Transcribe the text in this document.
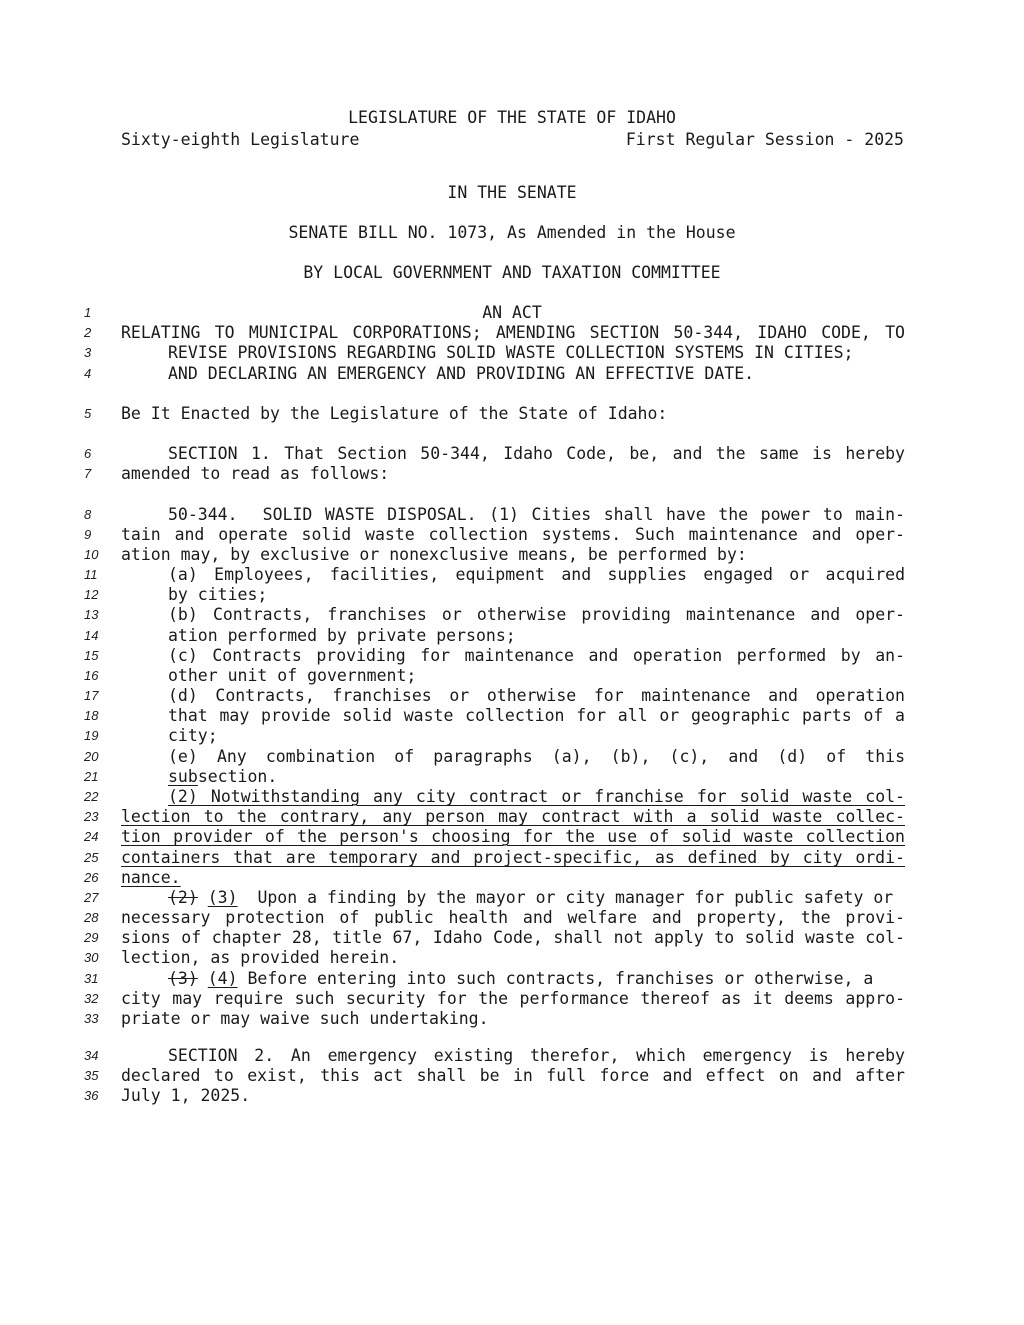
LEGISLATURE OF THE STATE OF IDAHO
Sixty-eighth Legislature	First Regular Session - 2025
IN THE SENATE
SENATE BILL NO. 1073, As Amended in the House
BY LOCAL GOVERNMENT AND TAXATION COMMITTEE
1
2
3
4
5
6
7
8
9
10
11
12
13
14
15
16
17
18
19
20
21
22
23
24
25
26
27
28
29
30
31
32
33
34
35
36
AN ACT
RELATING TO MUNICIPAL CORPORATIONS; AMENDING SECTION 50-344, IDAHO CODE, TO
REVISE PROVISIONS REGARDING SOLID WASTE COLLECTION SYSTEMS IN CITIES;
AND DECLARING AN EMERGENCY AND PROVIDING AN EFFECTIVE DATE.
Be It Enacted by the Legislature of the State of Idaho:
SECTION 1. That Section 50-344, Idaho Code, be, and the same is hereby
amended to read as follows:
50-344.  SOLID WASTE DISPOSAL. (1) Cities shall have the power to main-
tain and operate solid waste collection systems. Such maintenance and oper-
ation may, by exclusive or nonexclusive means, be performed by:
(a) Employees, facilities, equipment and supplies engaged or acquired
by cities;
(b) Contracts, franchises or otherwise providing maintenance and oper-
ation performed by private persons;
(c) Contracts providing for maintenance and operation performed by an-
other unit of government;
(d) Contracts, franchises or otherwise for maintenance and operation
that may provide solid waste collection for all or geographic parts of a
city;
(e) Any combination of paragraphs (a), (b), (c), and (d) of this
subsection.
(2) Notwithstanding any city contract or franchise for solid waste col-
lection to the contrary, any person may contract with a solid waste collec-
tion provider of the person's choosing for the use of solid waste collection
containers that are temporary and project-specific, as defined by city ordi-
nance.
(2) (3) Upon a finding by the mayor or city manager for public safety or
necessary protection of public health and welfare and property, the provi-
sions of chapter 28, title 67, Idaho Code, shall not apply to solid waste col-
lection, as provided herein.
(3) (4) Before entering into such contracts, franchises or otherwise, a
city may require such security for the performance thereof as it deems appro-
priate or may waive such undertaking.
SECTION 2. An emergency existing therefor, which emergency is hereby
declared to exist, this act shall be in full force and effect on and after
July 1, 2025.
